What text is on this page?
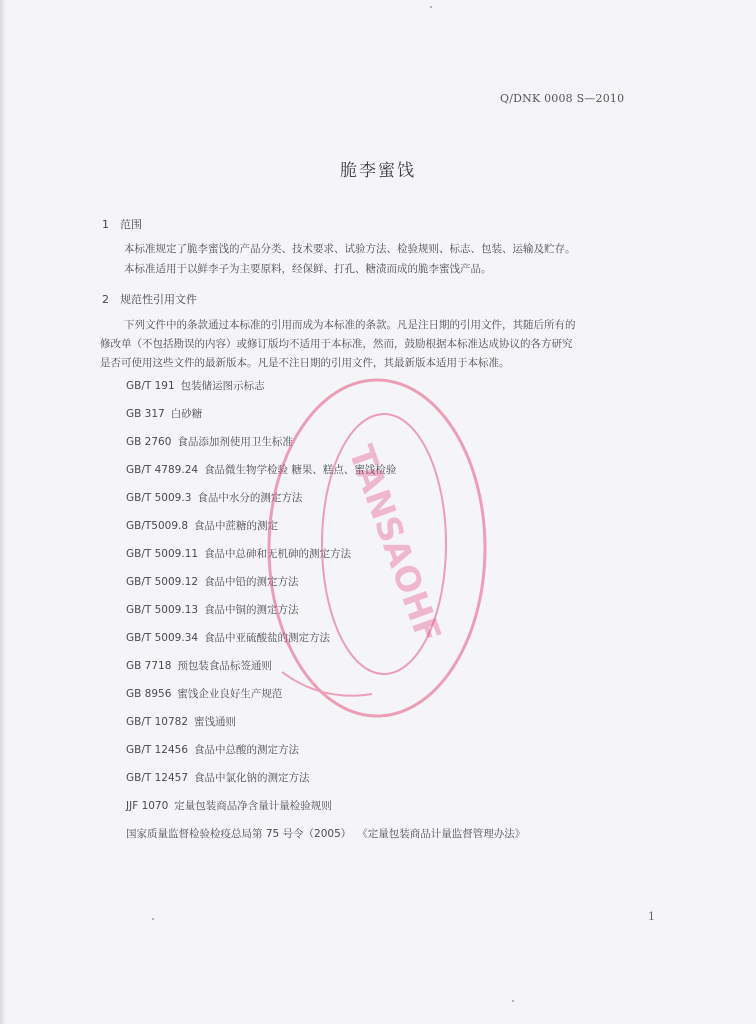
Q/DNK 0008 S—2010
脆李蜜饯
1 范围

本标准规定了脆李蜜饯的产品分类、技术要求、试验方法、检验规则、标志、包装、运输及贮存。

本标准适用于以鲜李子为主要原料，经保鲜、打孔、糖渍而成的脆李蜜饯产品。

2 规范性引用文件

下列文件中的条款通过本标准的引用而成为本标准的条款。凡是注日期的引用文件，其随后所有的

修改单（不包括勘误的内容）或修订版均不适用于本标准，然而，鼓励根据本标准达成协议的各方研究

是否可使用这些文件的最新版本。凡是不注日期的引用文件，其最新版本适用于本标准。

GB/T 191 包装储运图示标志
GB 317 白砂糖
GB 2760 食品添加剂使用卫生标准
GB/T 4789.24 食品微生物学检验 糖果、糕点、蜜饯检验
GB/T 5009.3 食品中水分的测定方法
GB/T5009.8 食品中蔗糖的测定
GB/T 5009.11 食品中总砷和无机砷的测定方法
GB/T 5009.12 食品中铅的测定方法
GB/T 5009.13 食品中铜的测定方法
GB/T 5009.34 食品中亚硫酸盐的测定方法
GB 7718 预包装食品标签通则
GB 8956 蜜饯企业良好生产规范
GB/T 10782 蜜饯通则
GB/T 12456 食品中总酸的测定方法
GB/T 12457 食品中氯化钠的测定方法
JJF 1070 定量包装商品净含量计量检验规则
国家质量监督检验检疫总局第 75 号令（2005） 《定量包装商品计量监督管理办法》
TANSAOHF
1
